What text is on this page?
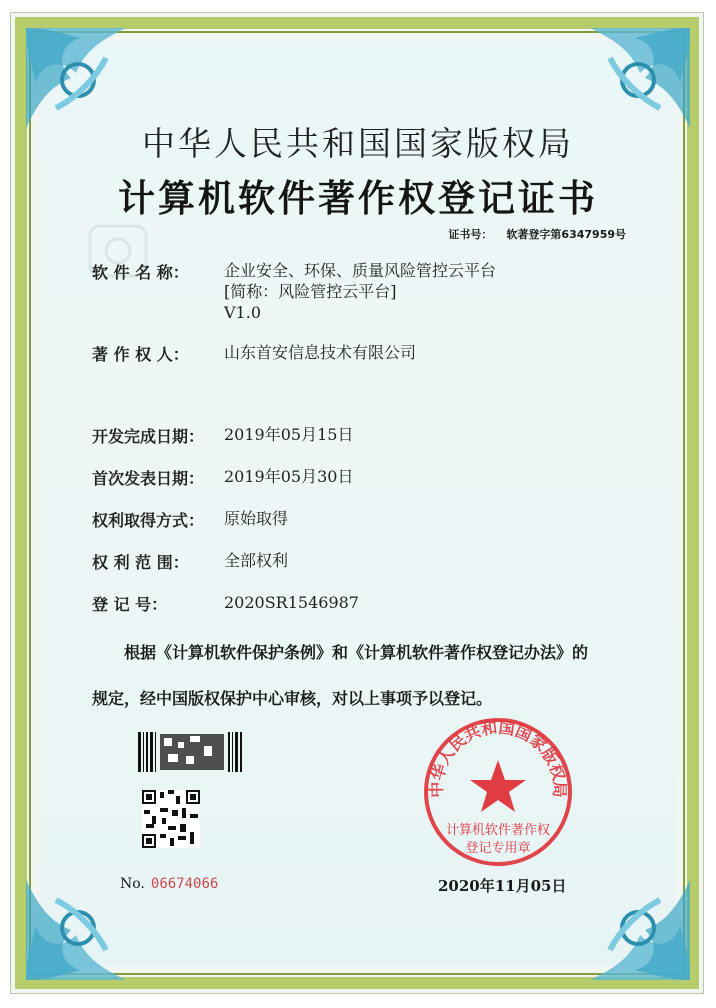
中华人民共和国国家版权局
计算机软件著作权登记证书
证书号： 软著登字第6347959号
软 件 名 称： 企业安全、环保、质量风险管控云平台
[简称：风险管控云平台]
V1.0
著 作 权 人： 山东首安信息技术有限公司
开发完成日期： 2019年05月15日
首次发表日期： 2019年05月30日
权利取得方式： 原始取得
权 利 范 围： 全部权利
登 记 号：	2020SR1546987
根据《计算机软件保护条例》和《计算机软件著作权登记办法》的
规定，经中国版权保护中心审核，对以上事项予以登记。
No. 06674066
中华人民共和国国家版权局
计算机软件著作权
登记专用章
2020年11月05日
